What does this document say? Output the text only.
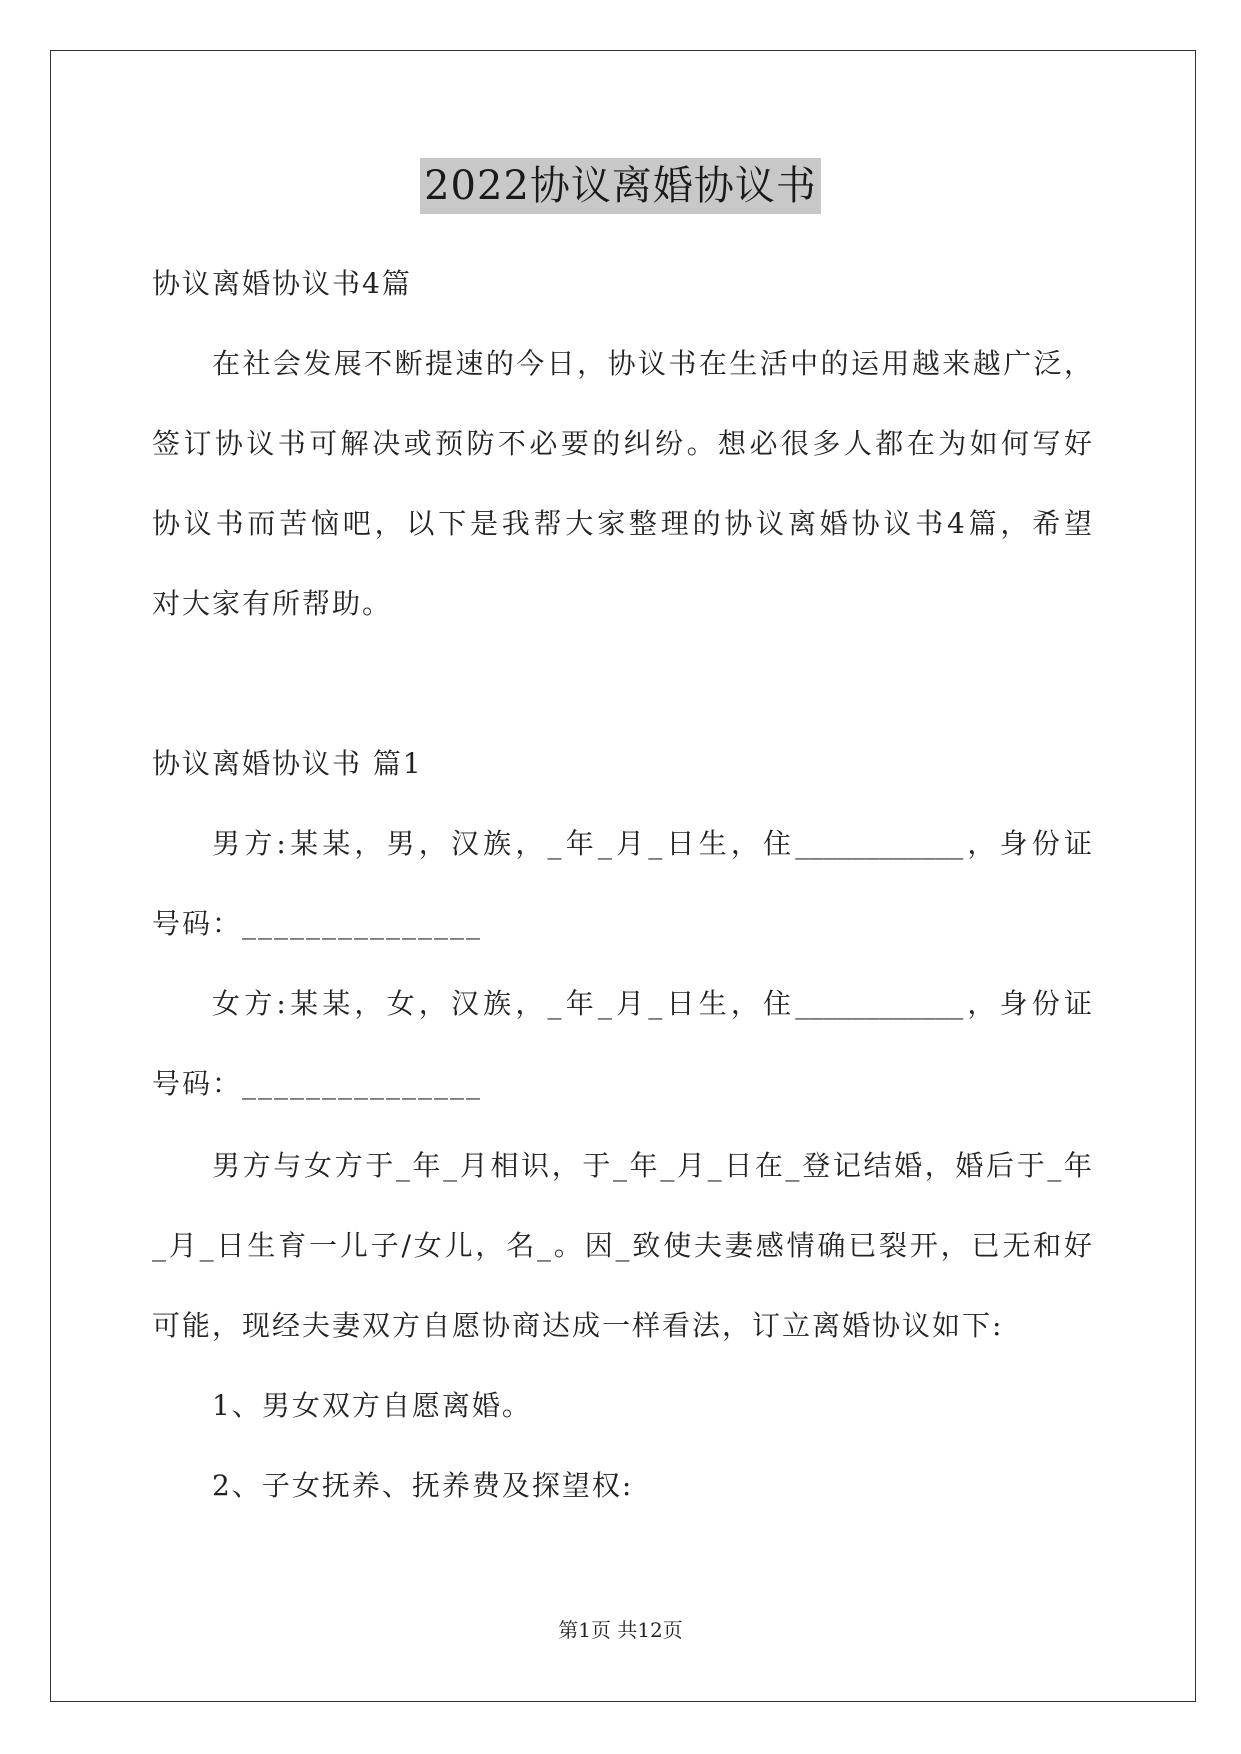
2022协议离婚协议书
协议离婚协议书4篇
在社会发展不断提速的今日，协议书在生活中的运用越来越广泛，
签订协议书可解决或预防不必要的纠纷。想必很多人都在为如何写好
协议书而苦恼吧，以下是我帮大家整理的协议离婚协议书4篇，希望
对大家有所帮助。
协议离婚协议书 篇1
男方:某某，男，汉族，_年_月_日生，住____________，身份证
号码：_______________
女方:某某，女，汉族，_年_月_日生，住____________，身份证
号码：_______________
男方与女方于_年_月相识，于_年_月_日在_登记结婚，婚后于_年
_月_日生育一儿子/女儿，名_。因_致使夫妻感情确已裂开，已无和好
可能，现经夫妻双方自愿协商达成一样看法，订立离婚协议如下:
1、男女双方自愿离婚。
2、子女抚养、抚养费及探望权:
第1页 共12页
